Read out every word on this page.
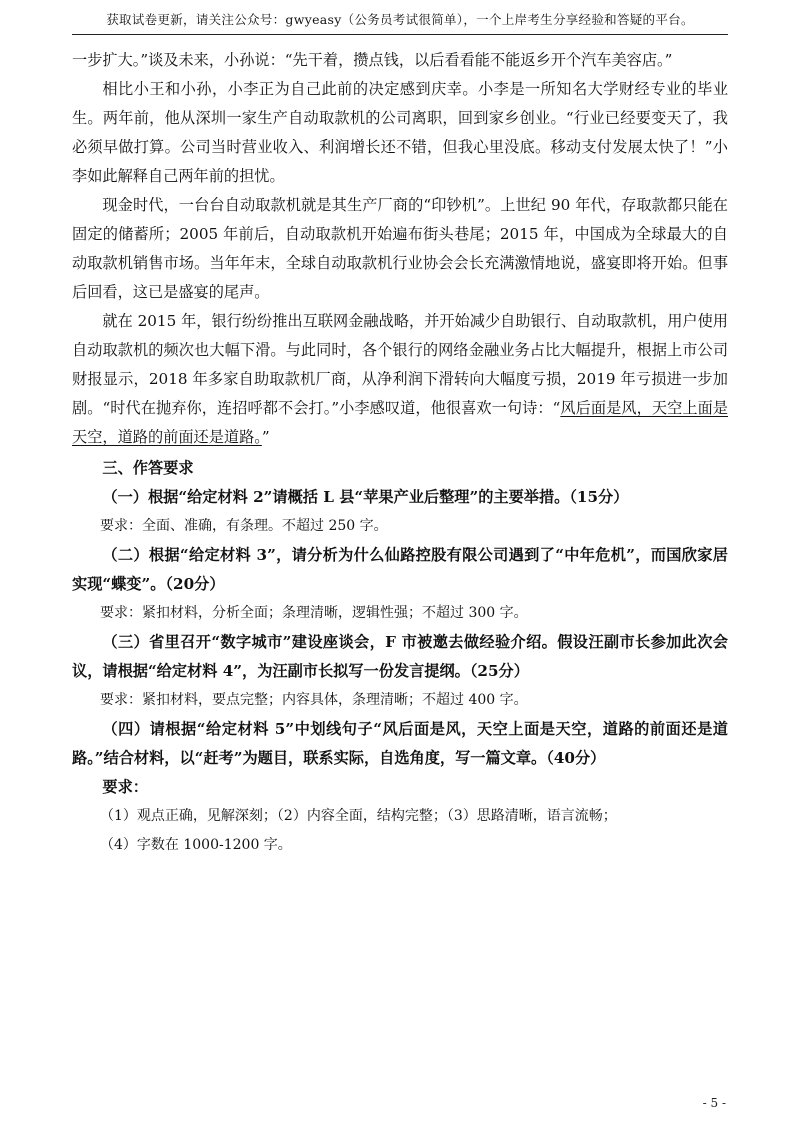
获取试卷更新，请关注公众号：gwyeasy（公务员考试很简单），一个上岸考生分享经验和答疑的平台。

一步扩大。”谈及未来，小孙说：“先干着，攒点钱，以后看看能不能返乡开个汽车美容店。”

相比小王和小孙，小李正为自己此前的决定感到庆幸。小李是一所知名大学财经专业的毕业生。两年前，他从深圳一家生产自动取款机的公司离职，回到家乡创业。“行业已经要变天了，我必须早做打算。公司当时营业收入、利润增长还不错，但我心里没底。移动支付发展太快了！”小李如此解释自己两年前的担忧。

现金时代，一台台自动取款机就是其生产厂商的“印钞机”。上世纪 90 年代，存取款都只能在固定的储蓄所；2005 年前后，自动取款机开始遍布街头巷尾；2015 年，中国成为全球最大的自动取款机销售市场。当年年末，全球自动取款机行业协会会长充满激情地说，盛宴即将开始。但事后回看，这已是盛宴的尾声。

就在 2015 年，银行纷纷推出互联网金融战略，并开始减少自助银行、自动取款机，用户使用自动取款机的频次也大幅下滑。与此同时，各个银行的网络金融业务占比大幅提升，根据上市公司财报显示，2018 年多家自助取款机厂商，从净利润下滑转向大幅度亏损，2019 年亏损进一步加剧。“时代在抛弃你，连招呼都不会打。”小李感叹道，他很喜欢一句诗：“风后面是风，天空上面是天空，道路的前面还是道路。”

三、作答要求

（一）根据“给定材料 2”请概括 L 县“苹果产业后整理”的主要举措。（15分）

要求：全面、准确，有条理。不超过 250 字。

（二）根据“给定材料 3”，请分析为什么仙路控股有限公司遇到了“中年危机”，而国欣家居实现“蝶变”。（20分）

要求：紧扣材料，分析全面；条理清晰，逻辑性强；不超过 300 字。

（三）省里召开“数字城市”建设座谈会，F 市被邀去做经验介绍。假设汪副市长参加此次会议，请根据“给定材料 4”，为汪副市长拟写一份发言提纲。（25分）

要求：紧扣材料，要点完整；内容具体，条理清晰；不超过 400 字。

（四）请根据“给定材料 5”中划线句子“风后面是风，天空上面是天空，道路的前面还是道路。”结合材料，以“赶考”为题目，联系实际，自选角度，写一篇文章。（40分）

要求：

（1）观点正确，见解深刻；（2）内容全面，结构完整；（3）思路清晰，语言流畅；

（4）字数在 1000-1200 字。

- 5 -
